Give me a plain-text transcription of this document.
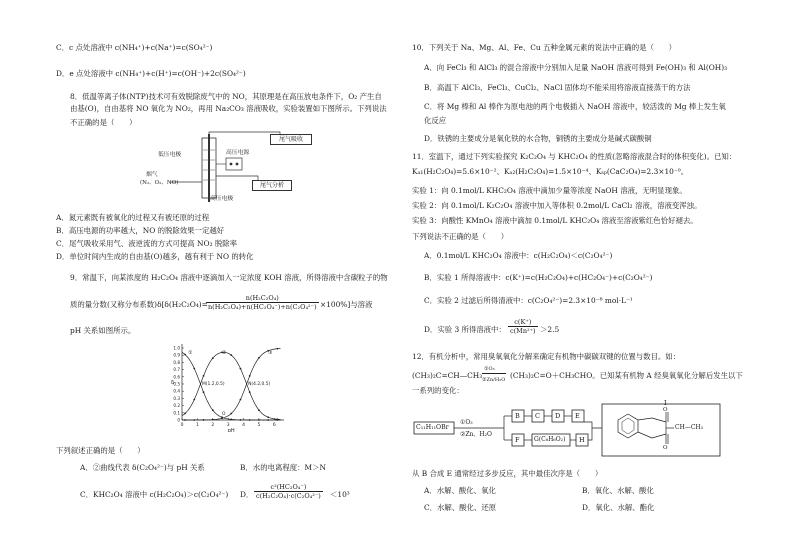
C．c 点处溶液中 c(NH₄⁺)+c(Na⁺)=c(SO₄²⁻)
D．e 点处溶液中 c(NH₄⁺)+c(H⁺)=c(OH⁻)+2c(SO₄²⁻)
8．低温等离子体(NTP)技术可有效脱除废气中的 NO，其原理是在高压放电条件下，O₂ 产生自
由基(O)，自由基将 NO 氧化为 NO₂，再用 Na₂CO₃ 溶液吸收，实验装置如下图所示。下列说法
不正确的是（　　）
尾气吸收
尾气分析
低压电极	高压电源
烟气
(N₂、O₂、NO)
高压电极
A．氮元素既有被氧化的过程又有被还原的过程
B．高压电源的功率越大，NO 的脱除效果一定越好
C．尾气吸收采用气、液逆流的方式可提高 NO₂ 脱除率
D．单位时间内生成的自由基(O)越多，越有利于 NO 的转化
9．常温下，向某浓度的 H₂C₂O₄ 溶液中逐滴加入一定浓度 KOH 溶液，所得溶液中含碳粒子的物
质的量分数(又称分布系数)δ[δ(H₂C₂O₄)=
$\frac{\text{n(H₂C₂O₄)}}{\text{n(H₂C₂O₄)+n(HC₂O₄⁻)+n(C₂O₄²⁻)}} \times 100\%$]与溶液
pH 关系如图所示。
0
0.1
0.2
0.3
0.4
0.5
0.6
0.7
0.8
0.9
1.0
0	1	2	3	4	5	6
δ
pH
M(1.2,0.5)	N(4.2,0.5)
O
①	②	③
下列叙述正确的是（　　）
A．②曲线代表 δ(C₂O₄²⁻)与 pH 关系	B．水的电离程度：M＞N
C．KHC₂O₄ 溶液中 c(H₂C₂O₄)＞c(C₂O₄²⁻) D． $\frac{\text{c²(HC₂O₄⁻)}}{\text{c(H₂C₂O₄)·c(C₂O₄²⁻)}} <10^3$
10．下列关于 Na、Mg、Al、Fe、Cu 五种金属元素的说法中正确的是（　　）
A．向 FeCl₃ 和 AlCl₃ 的混合溶液中分别加入足量 NaOH 溶液可得到 Fe(OH)₃ 和 Al(OH)₃
B．高温下 AlCl₃、FeCl₃、CuCl₂、NaCl 固体均不能采用将溶液直接蒸干的方法
C．将 Mg 棒和 Al 棒作为原电池的两个电极插入 NaOH 溶液中，较活泼的 Mg 棒上发生氧
化反应
D．铁锈的主要成分是氧化铁的水合物，铜锈的主要成分是碱式碳酸铜
11．室温下，通过下列实验探究 K₂C₂O₄ 与 KHC₂O₄ 的性质(忽略溶液混合时的体积变化)。已知：
Kₐ₁(H₂C₂O₄)=5.6×10⁻²、Kₐ₂(H₂C₂O₄)=1.5×10⁻⁴、Kₛₚ(CaC₂O₄)=2.3×10⁻⁹。
实验 1：向 0.1mol/L KHC₂O₄ 溶液中滴加少量等浓度 NaOH 溶液，无明显现象。
实验 2：向 0.1mol/L K₂C₂O₄ 溶液中加入等体积 0.2mol/L CaCl₂ 溶液，溶液变浑浊。
实验 3：向酸性 KMnO₄ 溶液中滴加 0.1mol/L KHC₂O₄ 溶液至溶液紫红色恰好褪去。
下列说法不正确的是（　　）
A．0.1mol/L KHC₂O₄ 溶液中：c(H₂C₂O₄)＜c(C₂O₄²⁻)
B．实验 1 所得溶液中：c(K⁺)=c(H₂C₂O₄)+c(HC₂O₄⁻)+c(C₂O₄²⁻)
C．实验 2 过滤后所得清液中：c(C₂O₄²⁻)=2.3×10⁻⁸ mol·L⁻¹
D．实验 3 所得溶液中： $\frac{c(K^+)}{\text{c(Mn²⁺)}} >2.5$
12．有机分析中，常用臭氧氧化分解来确定有机物中碳碳双键的位置与数目。如：
(CH₃)₂C=CH—CH₃
①O₃
②Zn/H₂O (CH₃)₂C=O＋CH₃CHO。已知某有机物 A 经臭氧氧化分解后发生以下
一系列的变化：
C₁₁H₁₁OBr
①O₃
②Zn、H₂O
B C D E
F G(C₈H₆O₂) H
I
CH—CH₃
O
O
从 B 合成 E 通常经过多步反应，其中最佳次序是（　　）
A．水解、酸化、氧化	B．氧化、水解、酸化
C．水解、酸化、还原	D．氧化、水解、酯化
